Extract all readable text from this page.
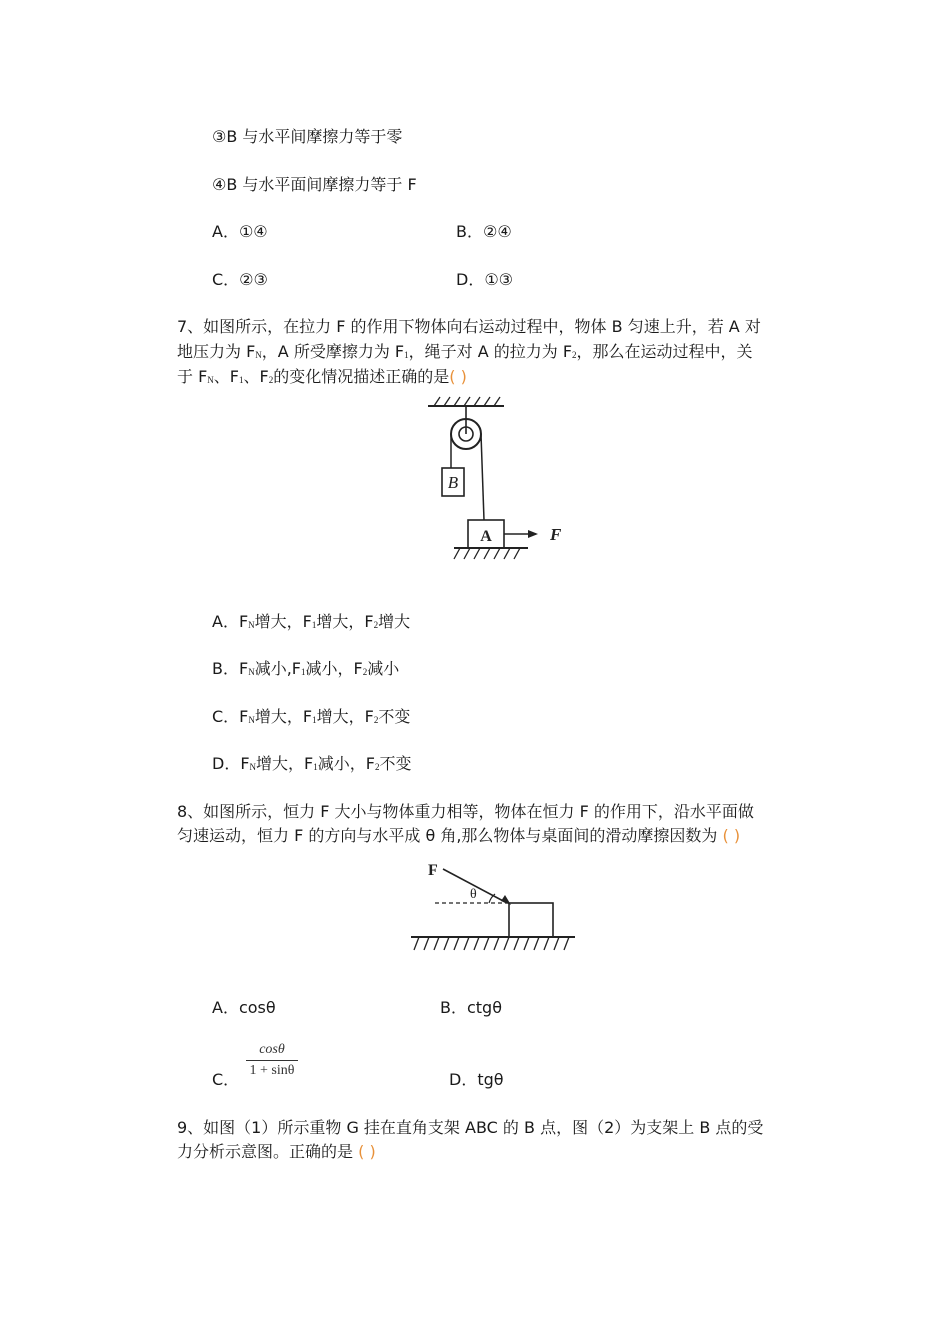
③B 与水平间摩擦力等于零
④B 与水平面间摩擦力等于 F
A．①④	B．②④
C．②③	D．①③
7、如图所示，在拉力 F 的作用下物体向右运动过程中，物体 B 匀速上升，若 A 对
地压力为 $F_N$，A 所受摩擦力为 $F_1$，绳子对 A 的拉力为 $F_2$，那么在运动过程中，关
于 $F_N$、$F_1$、$F_2$的变化情况描述正确的是( )
B
A	F
A．$F_N$增大，$F_1$增大，$F_2$增大
B．$F_N$减小$,F_1$减小，$F_2$减小
C．$F_N$增大，$F_1$增大，$F_2$不变
D．$F_N$增大，$F_1$减小，$F_2$不变
8、如图所示，恒力 F 大小与物体重力相等，物体在恒力 F 的作用下，沿水平面做
匀速运动，恒力 F 的方向与水平成 θ 角,那么物体与桌面间的滑动摩擦因数为 ( )
F
θ
A．cosθ	B．ctgθ
C．
cosθ
1 + sinθ	D．tgθ
9、如图（1）所示重物 G 挂在直角支架 ABC 的 B 点，图（2）为支架上 B 点的受
力分析示意图。正确的是 ( )
